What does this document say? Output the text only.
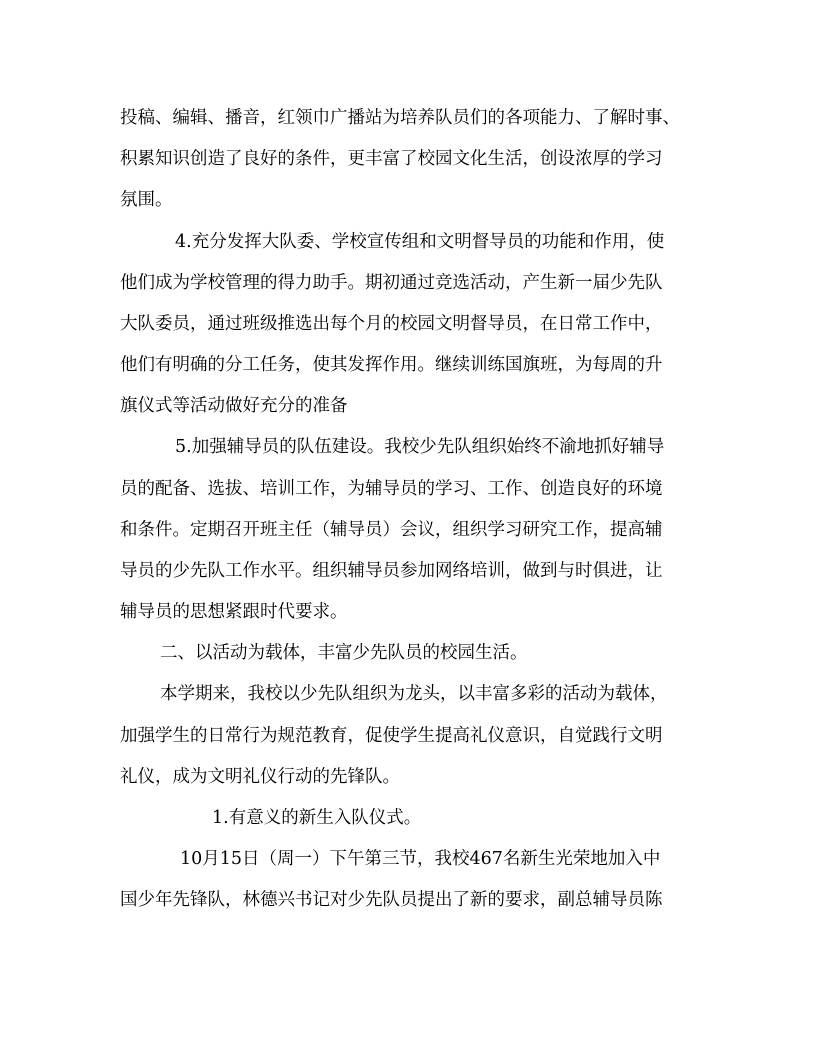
投稿、编辑、播音，红领巾广播站为培养队员们的各项能力、了解时事、
积累知识创造了良好的条件，更丰富了校园文化生活，创设浓厚的学习
氛围。
4.充分发挥大队委、学校宣传组和文明督导员的功能和作用，使
他们成为学校管理的得力助手。期初通过竞选活动，产生新一届少先队
大队委员，通过班级推选出每个月的校园文明督导员，在日常工作中，
他们有明确的分工任务，使其发挥作用。继续训练国旗班，为每周的升
旗仪式等活动做好充分的准备
5.加强辅导员的队伍建设。我校少先队组织始终不渝地抓好辅导
员的配备、选拔、培训工作，为辅导员的学习、工作、创造良好的环境
和条件。定期召开班主任（辅导员）会议，组织学习研究工作，提高辅
导员的少先队工作水平。组织辅导员参加网络培训，做到与时俱进，让
辅导员的思想紧跟时代要求。
二、以活动为载体，丰富少先队员的校园生活。
本学期来，我校以少先队组织为龙头，以丰富多彩的活动为载体，
加强学生的日常行为规范教育，促使学生提高礼仪意识，自觉践行文明
礼仪，成为文明礼仪行动的先锋队。
1.有意义的新生入队仪式。
10月15日（周一）下午第三节，我校467名新生光荣地加入中
国少年先锋队，林德兴书记对少先队员提出了新的要求，副总辅导员陈
